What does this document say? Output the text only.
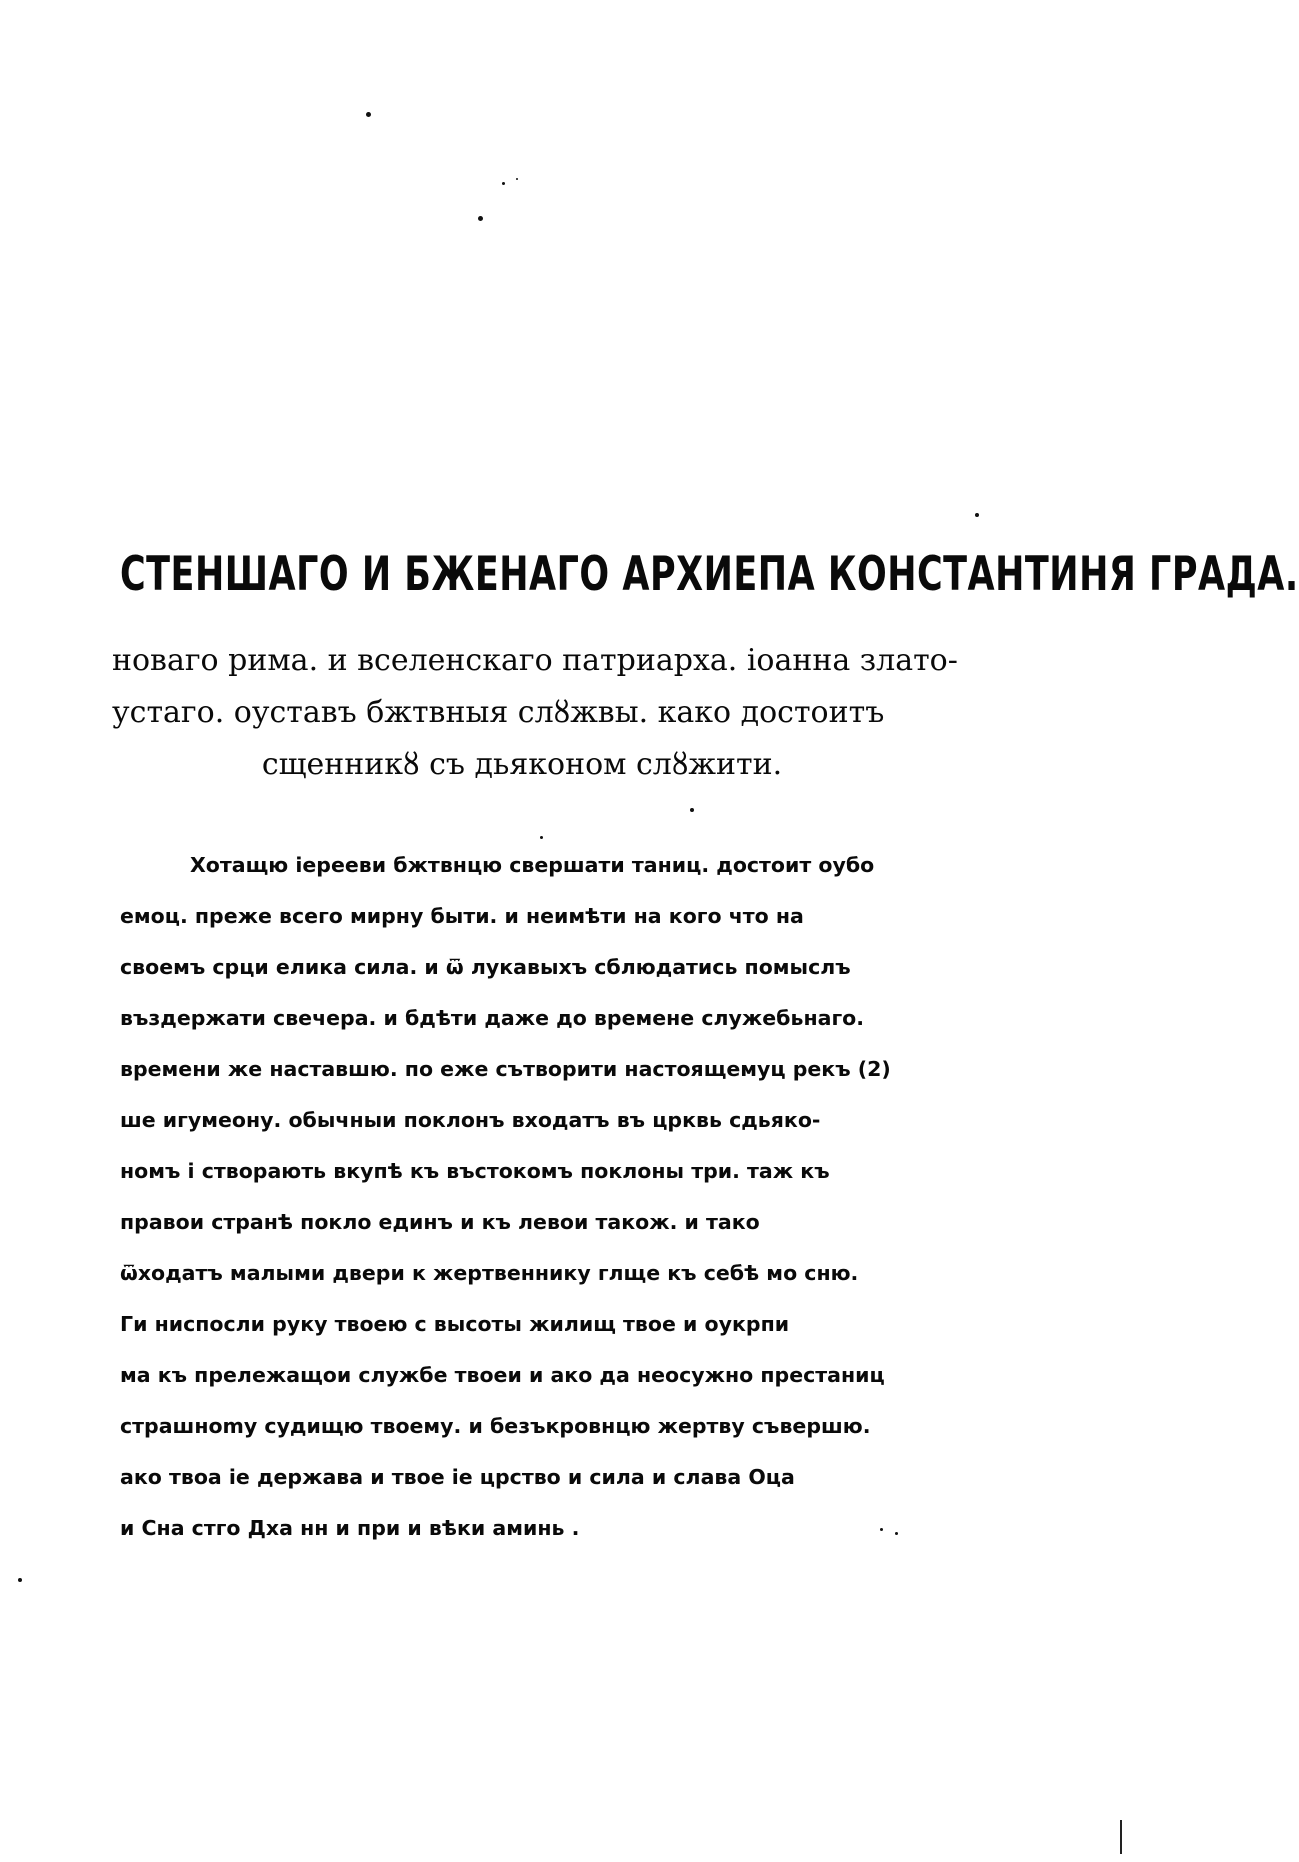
СТЕНШАГО И БЖЕНАГО АРХИЕПА КОНСТАНТИНЯ ГРАДА.
новаго рима. и вселенскаго патриарха. iоанна злато-
устаго. оуставъ бжтвныя слȣжвы. како достоитъ
сщенникȣ съ дьяконом слȣжити.
Хотащю iерееви бжтвнцю свершати таниц. достоит оубо
емоц. преже всего мирну быти. и неимѣти на кого что на
своемъ срци елика сила. и ѿ лукавыхъ сблюдатись помыслъ
въздержати свечера. и бдѣти даже до времене служебьнаго.
времени же наставшю. по еже сътворити настоящемуц рекъ (2)
ше игумеону. обычныи поклонъ входатъ въ црквь сдьяко-
номъ і створають вкупѣ къ въстокомъ поклоны три. таж къ
правои странѣ покло единъ и къ левои також. и тако
ѿходатъ малыми двери к жертвеннику глще къ себѣ мо сню.
Ги ниспосли руку твоею с высоты жилищ твое и оукрпи
ма къ прележащои службе твоеи и ако да неосужно престаниц
страшноmу судищю твоему. и безъкровнцю жертву съвершю.
ако твоа ie держава и твое ie црство и сила и слава Оца
и Сна стго Дха нн и при и вѣки аминь .
